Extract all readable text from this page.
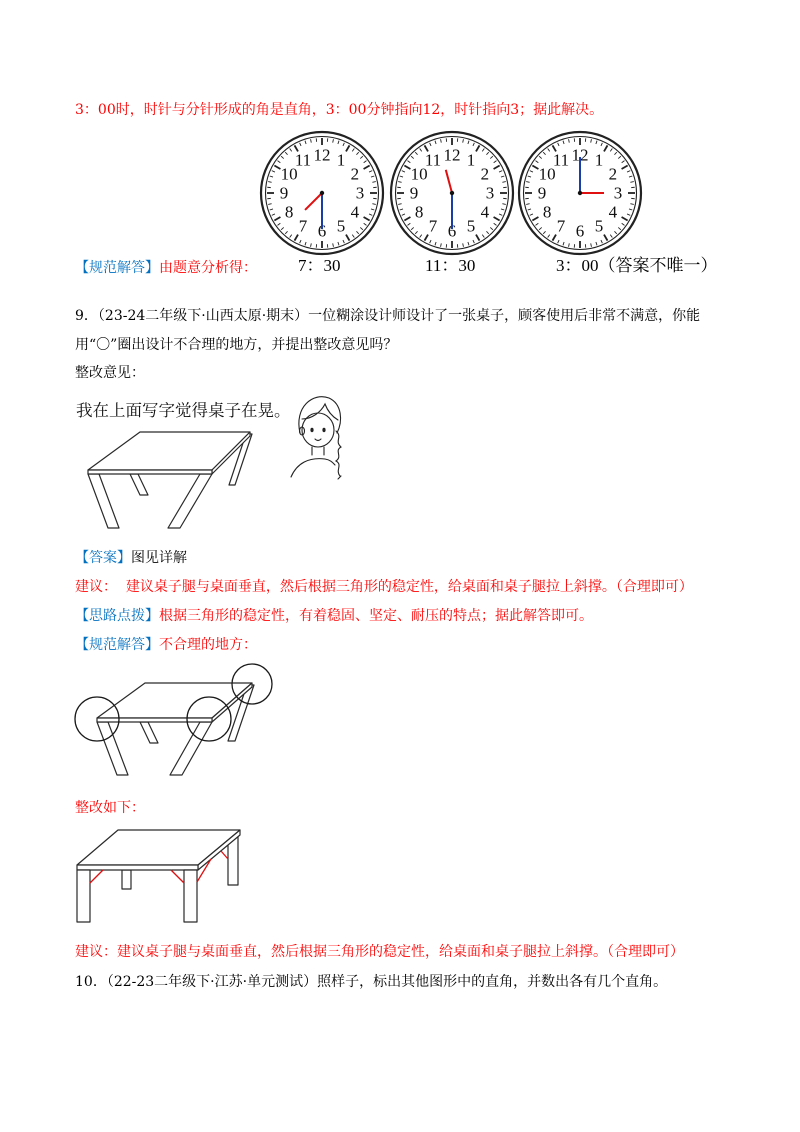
3：00时，时针与分针形成的角是直角，3：00分钟指向12，时针指向3；据此解决。
12 1
2
3
4
5
6
7
8
9
10
11	12 1
2
3
4
5
6
7
8
9
10
11	12 1
2
3
4
5
6
7
8
9
10
11
【规范解答】由题意分析得： 7：30	11：30	3：00（答案不唯一）
9．（23-24二年级下·山西太原·期末）一位糊涂设计师设计了一张桌子，顾客使用后非常不满意，你能
用“〇”圈出设计不合理的地方，并提出整改意见吗？
整改意见：
我在上面写字觉得桌子在晃。
【答案】图见详解
建议：  建议桌子腿与桌面垂直，然后根据三角形的稳定性，给桌面和桌子腿拉上斜撑。（合理即可）
【思路点拨】根据三角形的稳定性，有着稳固、坚定、耐压的特点；据此解答即可。
【规范解答】不合理的地方：
整改如下：
建议：建议桌子腿与桌面垂直，然后根据三角形的稳定性，给桌面和桌子腿拉上斜撑。（合理即可）
10．（22-23二年级下·江苏·单元测试）照样子，标出其他图形中的直角，并数出各有几个直角。
